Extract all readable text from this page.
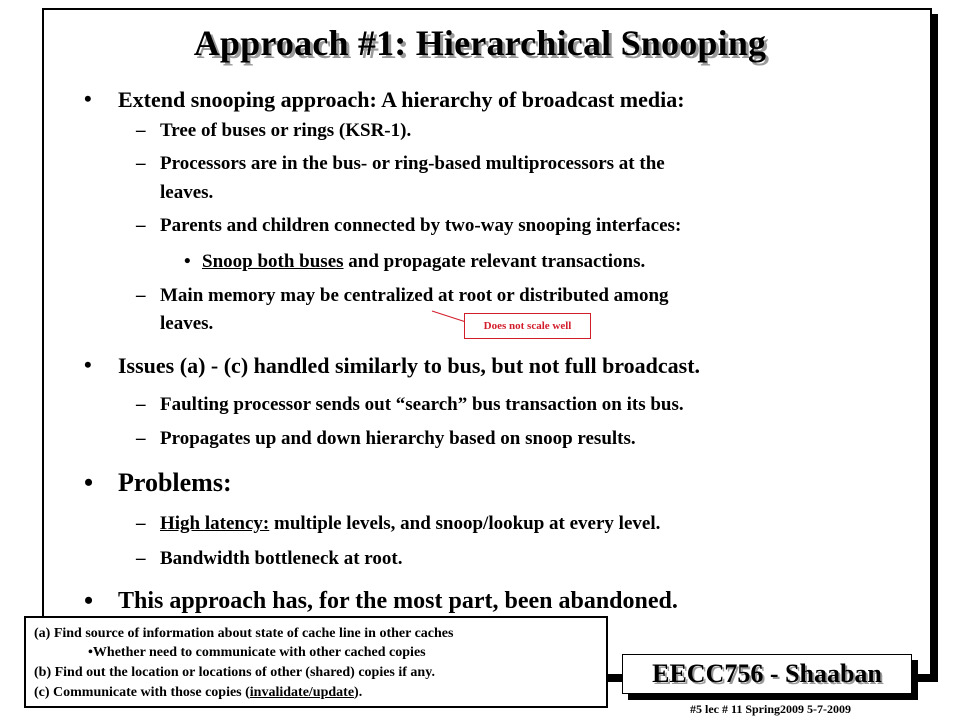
Approach #1: Hierarchical Snooping
• Extend snooping approach: A hierarchy of broadcast media:
– Tree of buses or rings (KSR-1).
– Processors are in the bus- or ring-based multiprocessors at the
leaves.
– Parents and children connected by two-way snooping interfaces:
• Snoop both buses and propagate relevant transactions.
– Main memory may be centralized at root or distributed among
leaves.	Does not scale well
• Issues (a) - (c) handled similarly to bus, but not full broadcast.
– Faulting processor sends out “search” bus transaction on its bus.
– Propagates up and down hierarchy based on snoop results.
• Problems:
– High latency: multiple levels, and snoop/lookup at every level.
– Bandwidth bottleneck at root.
• This approach has, for the most part, been abandoned.
(a) Find source of information about state of cache line in other caches
•Whether need to communicate with other cached copies
(b) Find out the location or locations of other (shared) copies if any.
(c) Communicate with those copies (invalidate/update).
EECC756 - Shaaban
#5 lec # 11 Spring2009 5-7-2009
